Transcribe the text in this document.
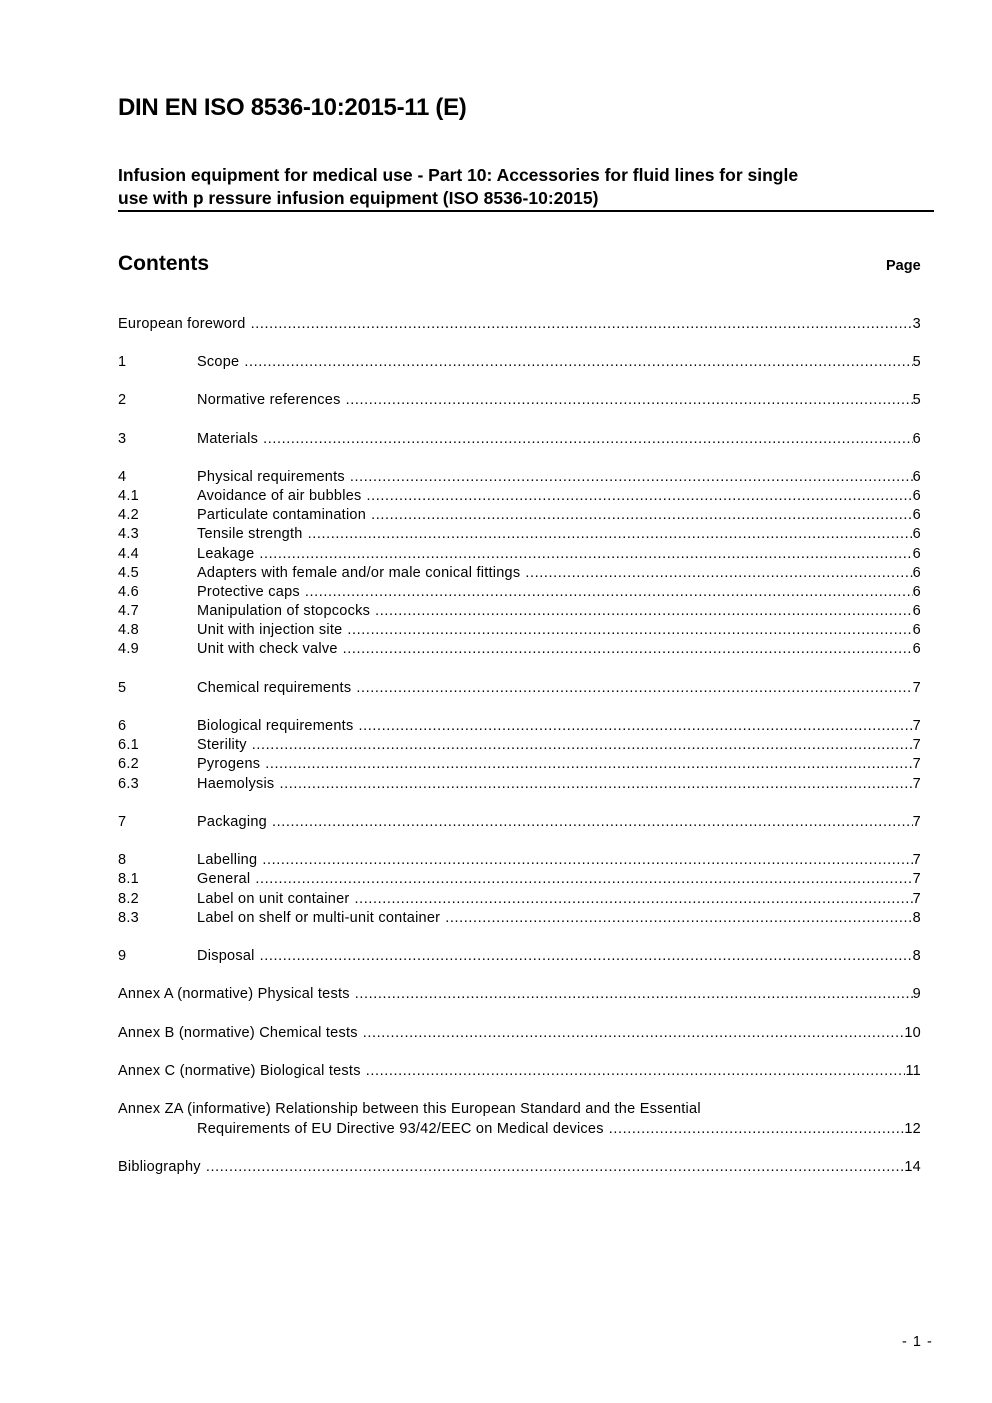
DIN EN ISO 8536-10:2015-11 (E)
Infusion equipment for medical use - Part 10: Accessories for fluid lines for single
use with p ressure infusion equipment (ISO 8536-10:2015)
Contents	Page
European foreword .....	3
1	Scope .....	5
2	Normative references .....	5
3	Materials .....	6
4	Physical requirements .....	6
4.1	Avoidance of air bubbles .....	6
4.2	Particulate contamination .....	6
4.3	Tensile strength .....	6
4.4	Leakage .....	6
4.5	Adapters with female and/or male conical fittings .....	6
4.6	Protective caps .....	6
4.7	Manipulation of stopcocks .....	6
4.8	Unit with injection site .....	6
4.9	Unit with check valve .....	6
5	Chemical requirements .....	7
6	Biological requirements .....	7
6.1	Sterility .....	7
6.2	Pyrogens .....	7
6.3	Haemolysis .....	7
7	Packaging .....	7
8	Labelling .....	7
8.1	General .....	7
8.2	Label on unit container .....	7
8.3	Label on shelf or multi-unit container .....	8
9	Disposal .....	8
Annex A (normative) Physical tests .....	9
Annex B (normative) Chemical tests .....	10
Annex C (normative) Biological tests .....	11
Annex ZA (informative) Relationship between this European Standard and the Essential
Requirements of EU Directive 93/42/EEC on Medical devices .....	12
Bibliography .....	14
- 1 -
